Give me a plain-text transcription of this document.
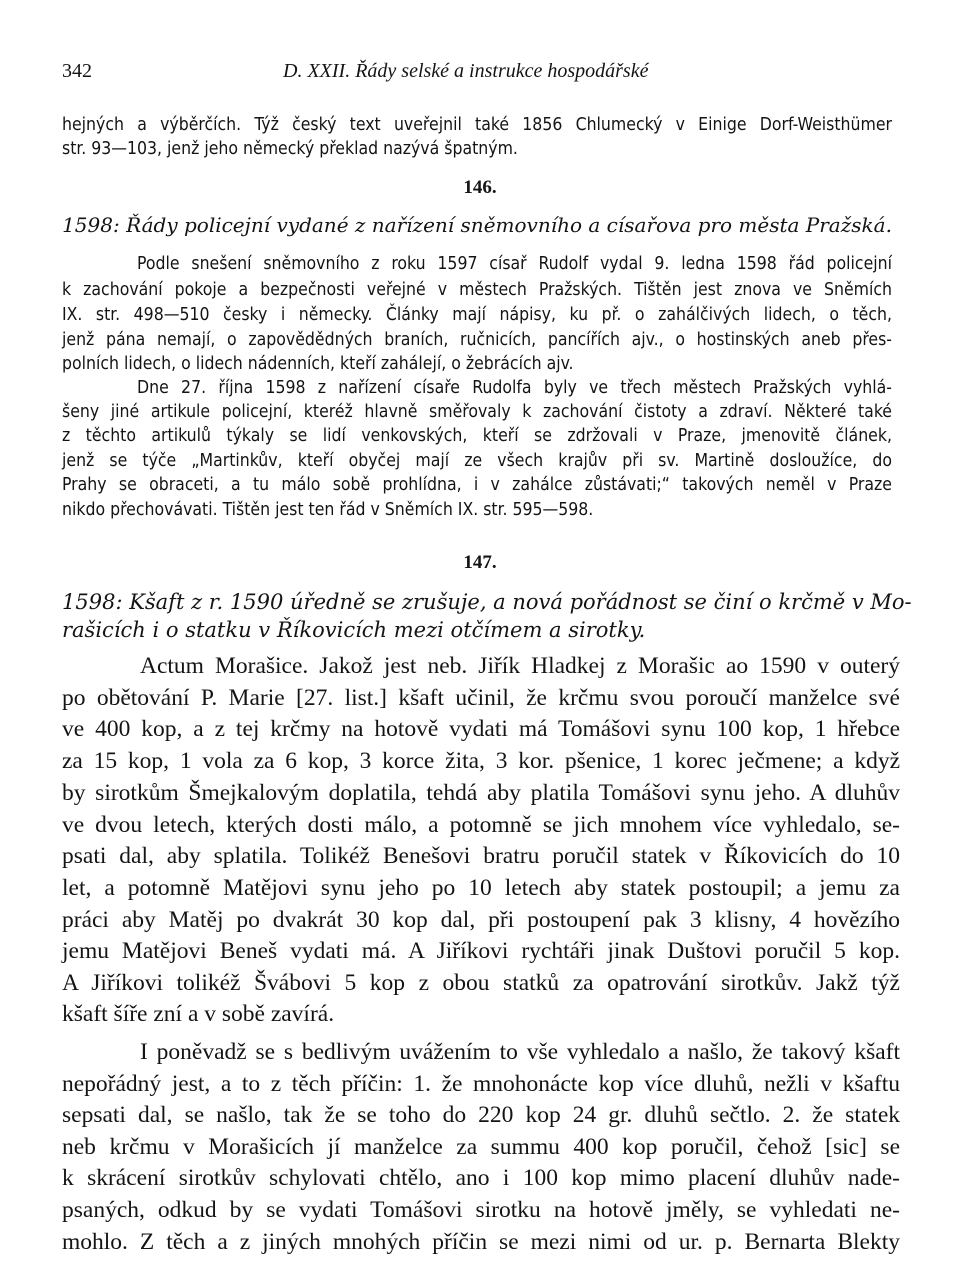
342	D. XXII. Řády selské a instrukce hospodářské
hejných a výběrčích. Týž český text uveřejnil také 1856 Chlumecký v Einige Dorf-Weisthümer
str. 93—103, jenž jeho německý překlad nazývá špatným.
146.
1598: Řády policejní vydané z nařízení sněmovního a císařova pro města Pražská.
Podle snešení sněmovního z roku 1597 císař Rudolf vydal 9. ledna 1598 řád policejní
k zachování pokoje a bezpečnosti veřejné v městech Pražských. Tištěn jest znova ve Sněmích
IX. str. 498—510 česky i německy. Články mají nápisy, ku př. o zahálčivých lidech, o těch,
jenž pána nemají, o zapovědědných braních, ručnicích, pancířích ajv., o hostinských aneb přes-
polních lidech, o lidech nádenních, kteří zahálejí, o žebrácích ajv.
Dne 27. října 1598 z nařízení císaře Rudolfa byly ve třech městech Pražských vyhlá-
šeny jiné artikule policejní, kteréž hlavně směřovaly k zachování čistoty a zdraví. Některé také
z těchto artikulů týkaly se lidí venkovských, kteří se zdržovali v Praze, jmenovitě článek,
jenž se týče „Martinkův, kteří obyčej mají ze všech krajův při sv. Martině dosloužíce, do
Prahy se obraceti, a tu málo sobě prohlídna, i v zahálce zůstávati;“ takových neměl v Praze
nikdo přechovávati. Tištěn jest ten řád v Sněmích IX. str. 595—598.
147.
1598: Kšaft z r. 1590 úředně se zrušuje, a nová pořádnost se činí o krčmě v Mo-
rašicích i o statku v Říkovicích mezi otčímem a sirotky.
Actum Morašice. Jakož jest neb. Jiřík Hladkej z Morašic ao 1590 v outerý
po obětování P. Marie [27. list.] kšaft učinil, že krčmu svou poroučí manželce své
ve 400 kop, a z tej krčmy na hotově vydati má Tomášovi synu 100 kop, 1 hřebce
za 15 kop, 1 vola za 6 kop, 3 korce žita, 3 kor. pšenice, 1 korec ječmene; a když
by sirotkům Šmejkalovým doplatila, tehdá aby platila Tomášovi synu jeho. A dluhův
ve dvou letech, kterých dosti málo, a potomně se jich mnohem více vyhledalo, se-
psati dal, aby splatila. Tolikéž Benešovi bratru poručil statek v Říkovicích do 10
let, a potomně Matějovi synu jeho po 10 letech aby statek postoupil; a jemu za
práci aby Matěj po dvakrát 30 kop dal, při postoupení pak 3 klisny, 4 hovězího
jemu Matějovi Beneš vydati má. A Jiříkovi rychtáři jinak Duštovi poručil 5 kop.
A Jiříkovi tolikéž Švábovi 5 kop z obou statků za opatrování sirotkův. Jakž týž
kšaft šíře zní a v sobě zavírá.
I poněvadž se s bedlivým uvážením to vše vyhledalo a našlo, že takový kšaft
nepořádný jest, a to z těch příčin: 1. že mnohonácte kop více dluhů, nežli v kšaftu
sepsati dal, se našlo, tak že se toho do 220 kop 24 gr. dluhů sečtlo. 2. že statek
neb krčmu v Morašicích jí manželce za summu 400 kop poručil, čehož [sic] se
k skrácení sirotkův schylovati chtělo, ano i 100 kop mimo placení dluhův nade-
psaných, odkud by se vydati Tomášovi sirotku na hotově jměly, se vyhledati ne-
mohlo. Z těch a z jiných mnohých příčin se mezi nimi od ur. p. Bernarta Blekty
